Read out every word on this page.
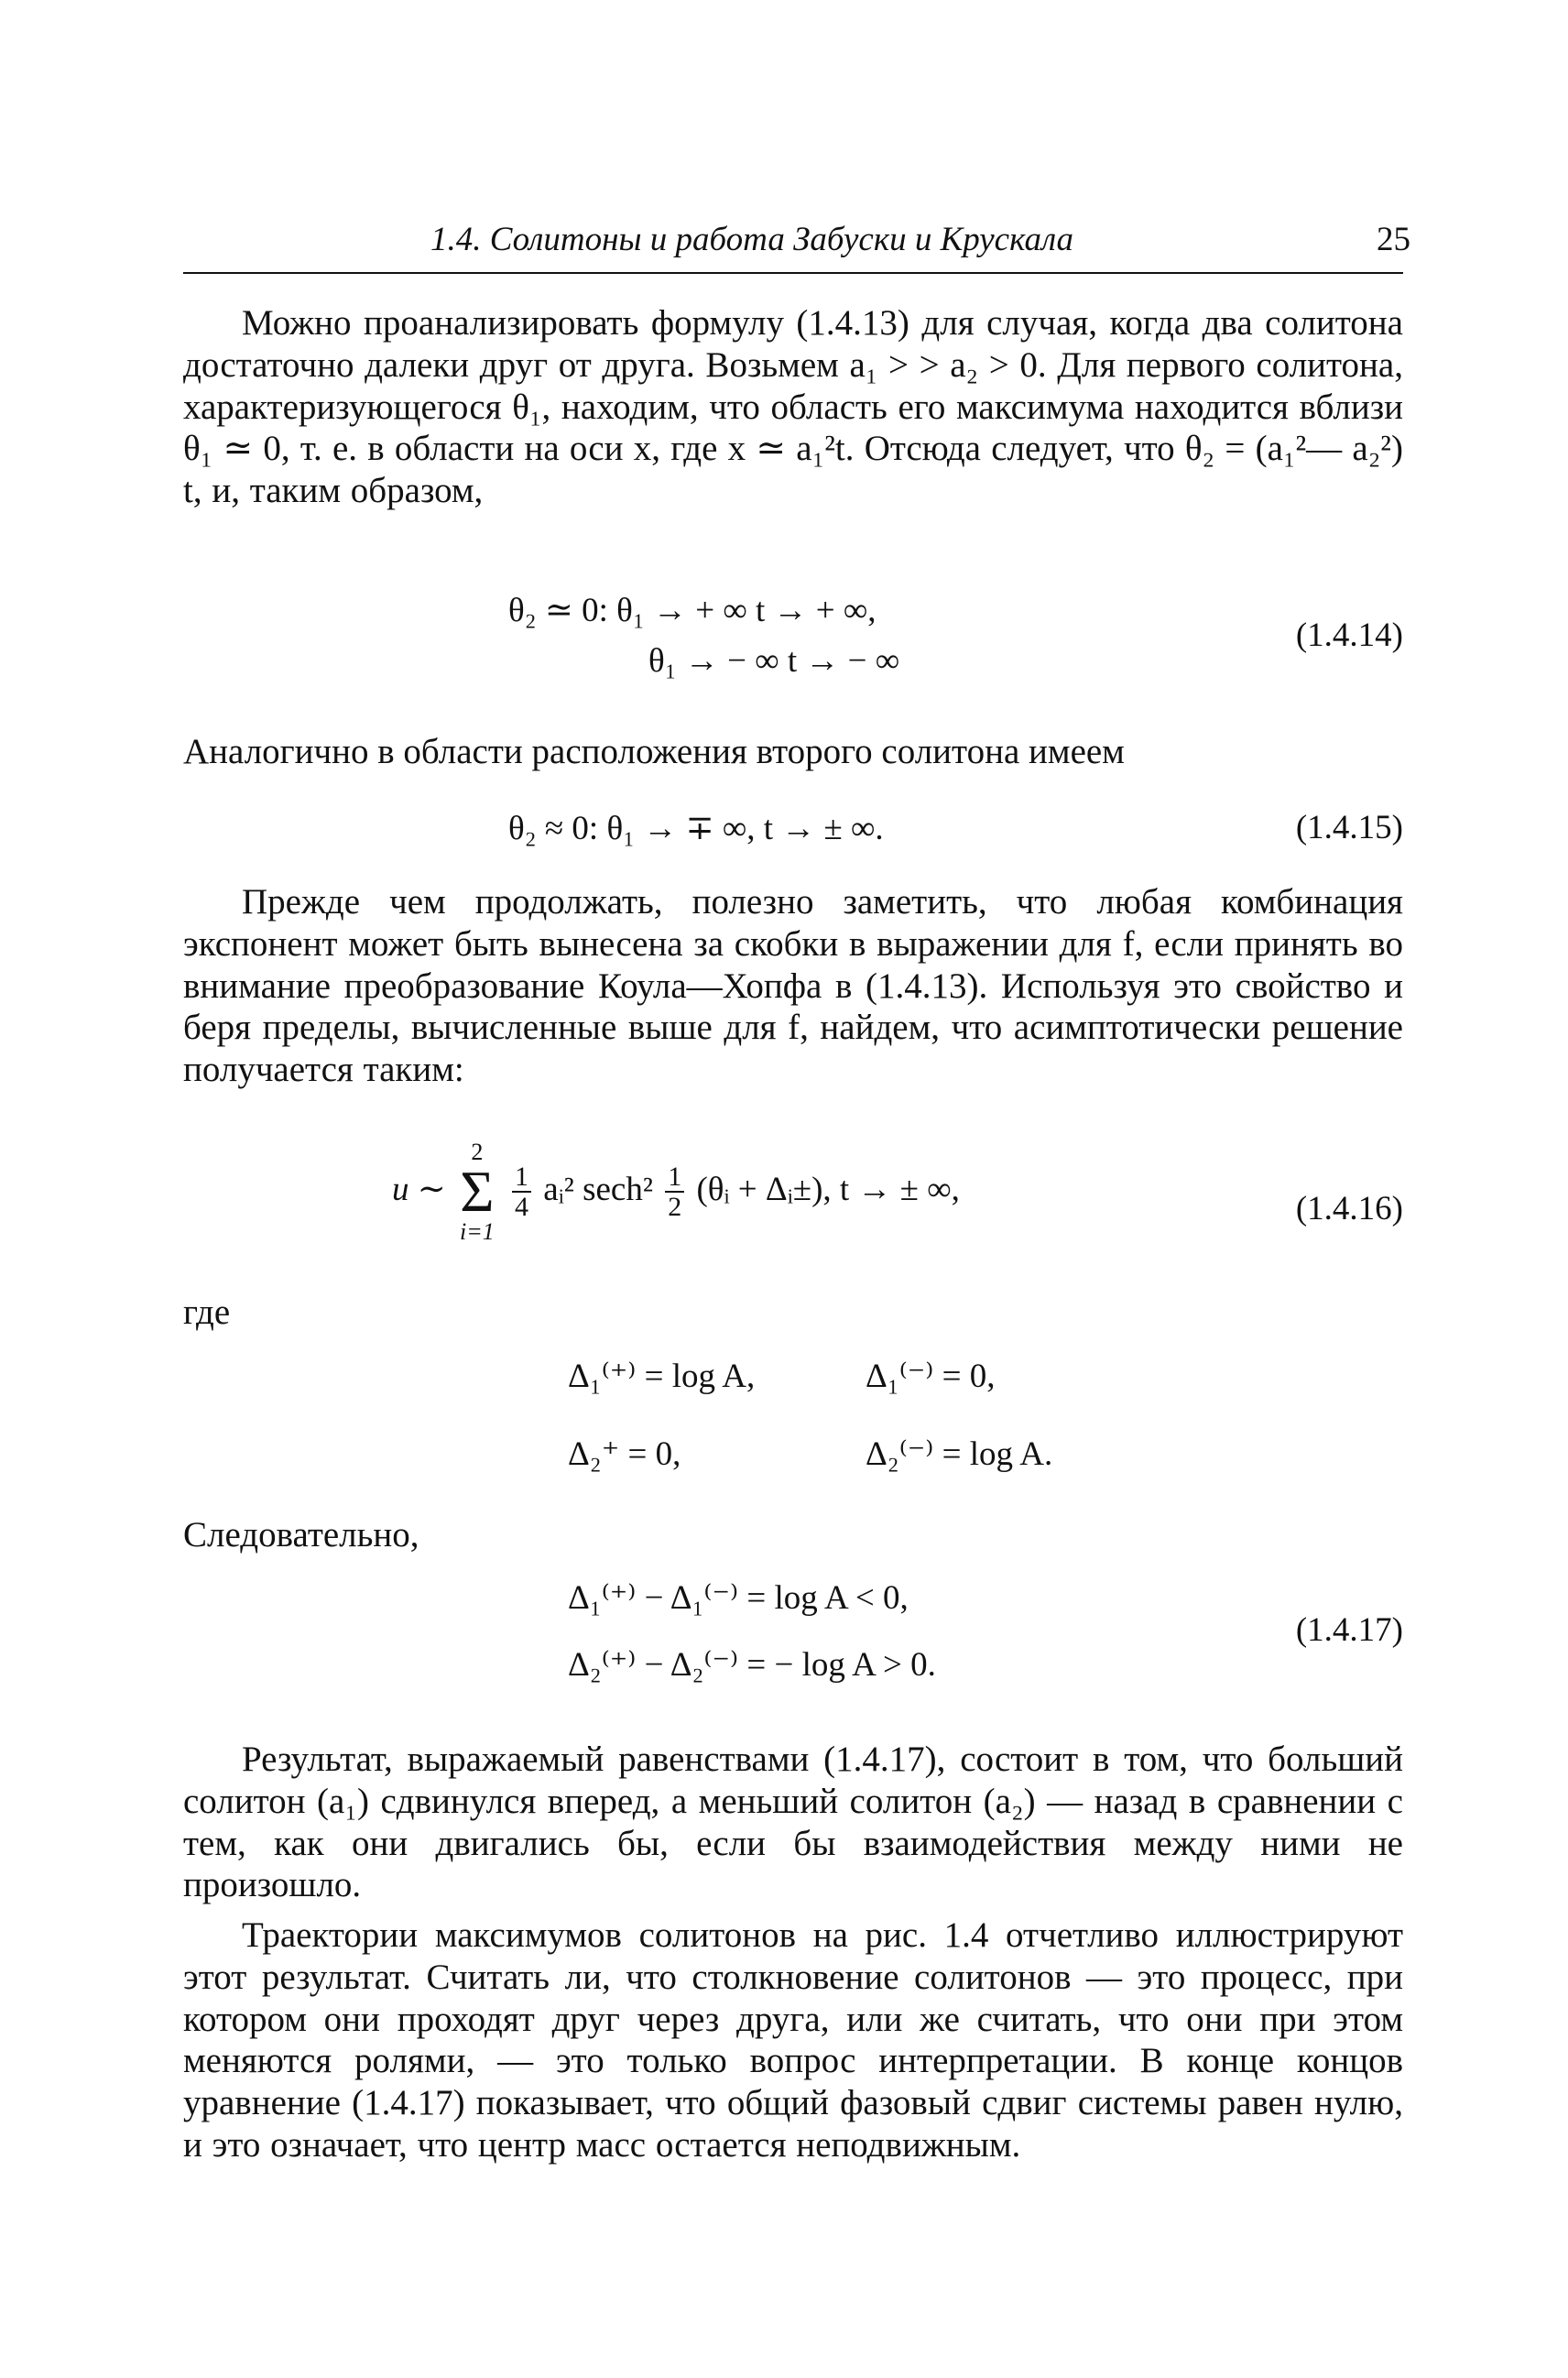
1.4. Солитоны и работа Забуски и Крускала	25
Можно проанализировать формулу (1.4.13) для случая, когда два солитона достаточно далеки друг от друга. Возьмем a₁ > > a₂ > 0. Для первого солитона, характеризующегося θ₁, находим, что область его максимума находится вблизи θ₁ ≃ 0, т. е. в области на оси x, где x ≃ a₁²t. Отсюда следует, что θ₂ = (a₁²— a₂²) t, и, таким образом,
θ₂ ≃ 0: θ₁ → + ∞ t → + ∞,
θ₁ → − ∞ t → − ∞
(1.4.14)
Аналогично в области расположения второго солитона имеем
θ₂ ≈ 0: θ₁ → ∓ ∞, t → ± ∞.	(1.4.15)
Прежде чем продолжать, полезно заметить, что любая комбинация экспонент может быть вынесена за скобки в выражении для f, если принять во внимание преобразование Коула—Хопфа в (1.4.13). Используя это свойство и беря пределы, вычисленные выше для f, найдем, что асимптотически решение получается таким:
u ∼
2
Σ
i=1

$\frac{1}{4}$ aᵢ² $\sec h^2 \frac{1}{2}$ (θᵢ + Δᵢ±), t → ± ∞,
(1.4.16)
где
Δ₁⁽⁺⁾ = log A,	Δ₁⁽⁻⁾ = 0,
Δ₂⁺ = 0,	Δ₂⁽⁻⁾ = log A.
Следовательно,
Δ₁⁽⁺⁾ − Δ₁⁽⁻⁾ = log A < 0,
Δ₂⁽⁺⁾ − Δ₂⁽⁻⁾ = − log A > 0.
(1.4.17)
Результат, выражаемый равенствами (1.4.17), состоит в том, что больший солитон (a₁) сдвинулся вперед, а меньший солитон (a₂) — назад в сравнении с тем, как они двигались бы, если бы взаимодействия между ними не произошло.
Траектории максимумов солитонов на рис. 1.4 отчетливо иллюстрируют этот результат. Считать ли, что столкновение солитонов — это процесс, при котором они проходят друг через друга, или же считать, что они при этом меняются ролями, — это только вопрос интерпретации. В конце концов уравнение (1.4.17) показывает, что общий фазовый сдвиг системы равен нулю, и это означает, что центр масс остается неподвижным.
